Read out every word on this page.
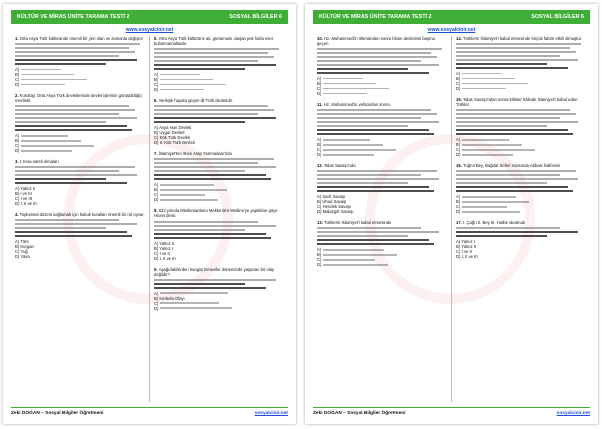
KÜLTÜR VE MİRAS ÜNİTE TARAMA TESTİ 2	SOSYAL BİLGİLER 6
www.sosyalcinir.net
1. Orta Asya Türk kültüründe önemli bir yeri olan ve zamanla değişen
A)
B)
C)
D)
2. Kurultay, Orta Asya Türk devletlerinde devlet işlerinin görüşüldüğü meclistir.
A)
B)
C)
D)
3. I. Kısa süreli olmaları
A) Yalnız II
B) I ve III
C) I ve III
D) I, II ve III
4. Toplumsal düzeni sağlamak için hukuk kuralları önemli bir rol oynar.
A) Töre
B) Kurgan
C) Yuğ
D) Yasa
5. Orta Asya Türk kültürüne ait, günümüze ulaşan pek fazla eser bulunmamaktadır.
A)
B)
C)
D)
6. Yerleşik hayata geçen ilk Türk devletidir.
A) Asya Hun Devleti
B) Uygur Devleti
C) Kök Türk Devleti
D) II. Kök Türk Devleti
7. İslamiyet'ten önce Arap Yarımadası'nda
A)
B)
C)
D)
8. 622 yılında Müslümanların Mekke'den Medine'ye yaptıkları göçe Hicret denir.
A) Yalnız II
B) Yalnız I
C) I ve II
D) I, II ve III
9. Aşağıdakilerden hangisi Emeviler döneminde yaşanan bir olay değildir?
A)
B) Kerbela Olayı
C)
D)
Zeki DOĞAN – Sosyal Bilgiler Öğretmeni	sosyalcinir.net
KÜLTÜR VE MİRAS ÜNİTE TARAMA TESTİ 2	SOSYAL BİLGİLER 6
www.sosyalcinir.net
10. Hz. Muhammed'in ölümünden sonra İslam devletinin başına geçen
A)
B)
C)
D)
11. Hz. Muhammed'in vefatından sonra
A)
B)
C)
D)
12. Talas Savaşı'nda
A) Sadr Savaşı
B) Uhud Savaşı
C) Hendek Savaşı
D) Malazgirt Savaşı
13. Türklerin İslamiyet'i kabul etmesinde
A)
B)
C)
D)
14. Türklerin İslamiyet'i kabul etmesinde birçok faktör etkili olmuştur.
A)
B)
C)
D)
15. Talas Savaşı'ndan sonra kitleler hâlinde İslamiyet'i kabul eden Türkler
A)
B)
C)
D)
16. Tuğrul Bey, Bağdat Seferi sırasında Abbasi halifesini
A)
B)
C)
D)
17. I. Çağrı II. Bey III. Hutbe okutmak
A) Yalnız I
B) Yalnız II
C) I ve II
D) I, II ve III
Zeki DOĞAN – Sosyal Bilgiler Öğretmeni	sosyalcinir.net
